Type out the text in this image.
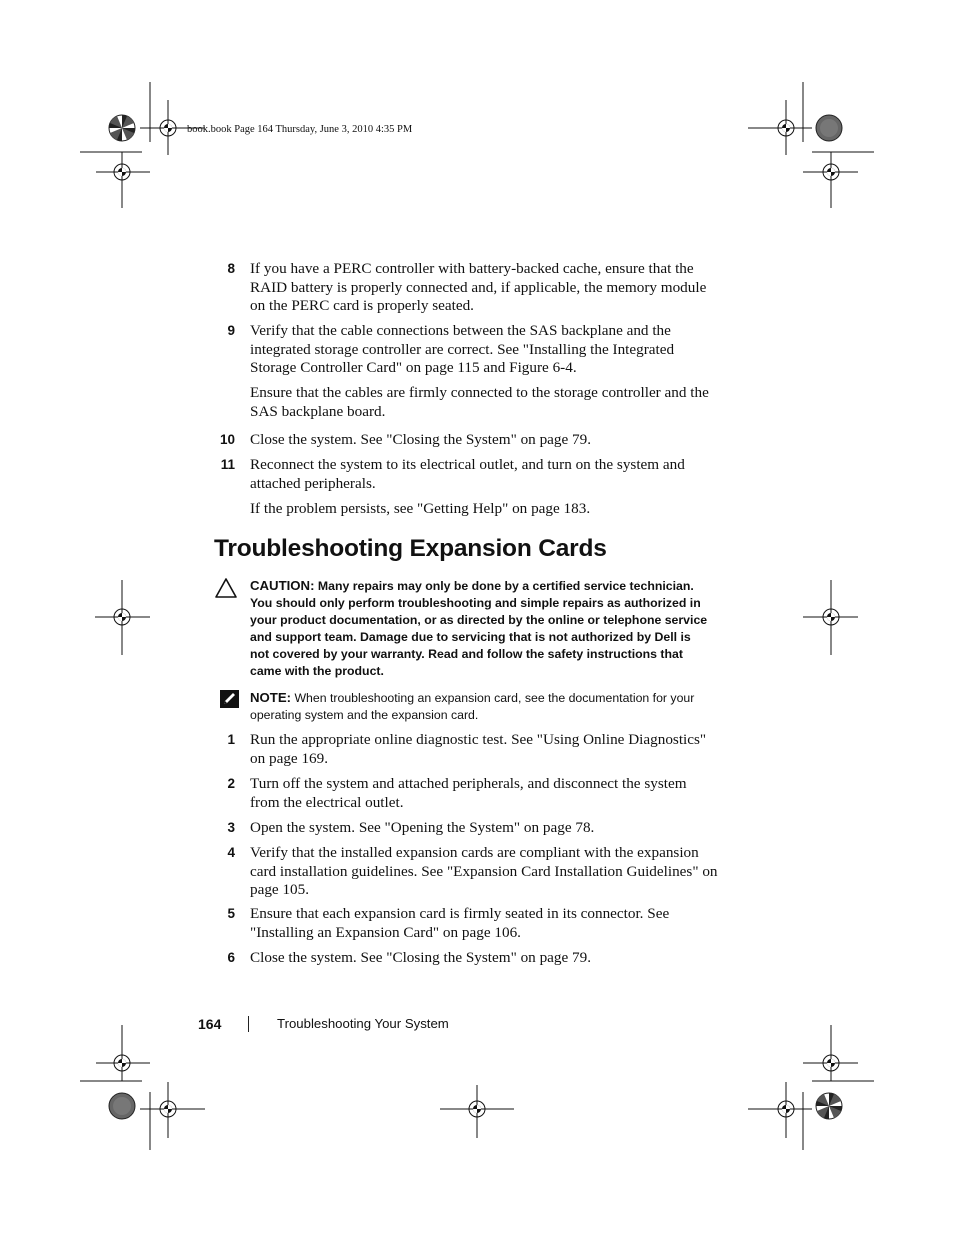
book.book Page 164 Thursday, June 3, 2010 4:35 PM
8 If you have a PERC controller with battery-backed cache, ensure that the RAID battery is properly connected and, if applicable, the memory module on the PERC card is properly seated.
9 Verify that the cable connections between the SAS backplane and the integrated storage controller are correct. See "Installing the Integrated Storage Controller Card" on page 115 and Figure 6-4.
Ensure that the cables are firmly connected to the storage controller and the SAS backplane board.
10 Close the system. See "Closing the System" on page 79.
11 Reconnect the system to its electrical outlet, and turn on the system and attached peripherals.
If the problem persists, see "Getting Help" on page 183.
Troubleshooting Expansion Cards
CAUTION: Many repairs may only be done by a certified service technician. You should only perform troubleshooting and simple repairs as authorized in your product documentation, or as directed by the online or telephone service and support team. Damage due to servicing that is not authorized by Dell is not covered by your warranty. Read and follow the safety instructions that came with the product.
NOTE: When troubleshooting an expansion card, see the documentation for your operating system and the expansion card.
1 Run the appropriate online diagnostic test. See "Using Online Diagnostics" on page 169.
2 Turn off the system and attached peripherals, and disconnect the system from the electrical outlet.
3 Open the system. See "Opening the System" on page 78.
4 Verify that the installed expansion cards are compliant with the expansion card installation guidelines. See "Expansion Card Installation Guidelines" on page 105.
5 Ensure that each expansion card is firmly seated in its connector. See "Installing an Expansion Card" on page 106.
6 Close the system. See "Closing the System" on page 79.
164	Troubleshooting Your System
